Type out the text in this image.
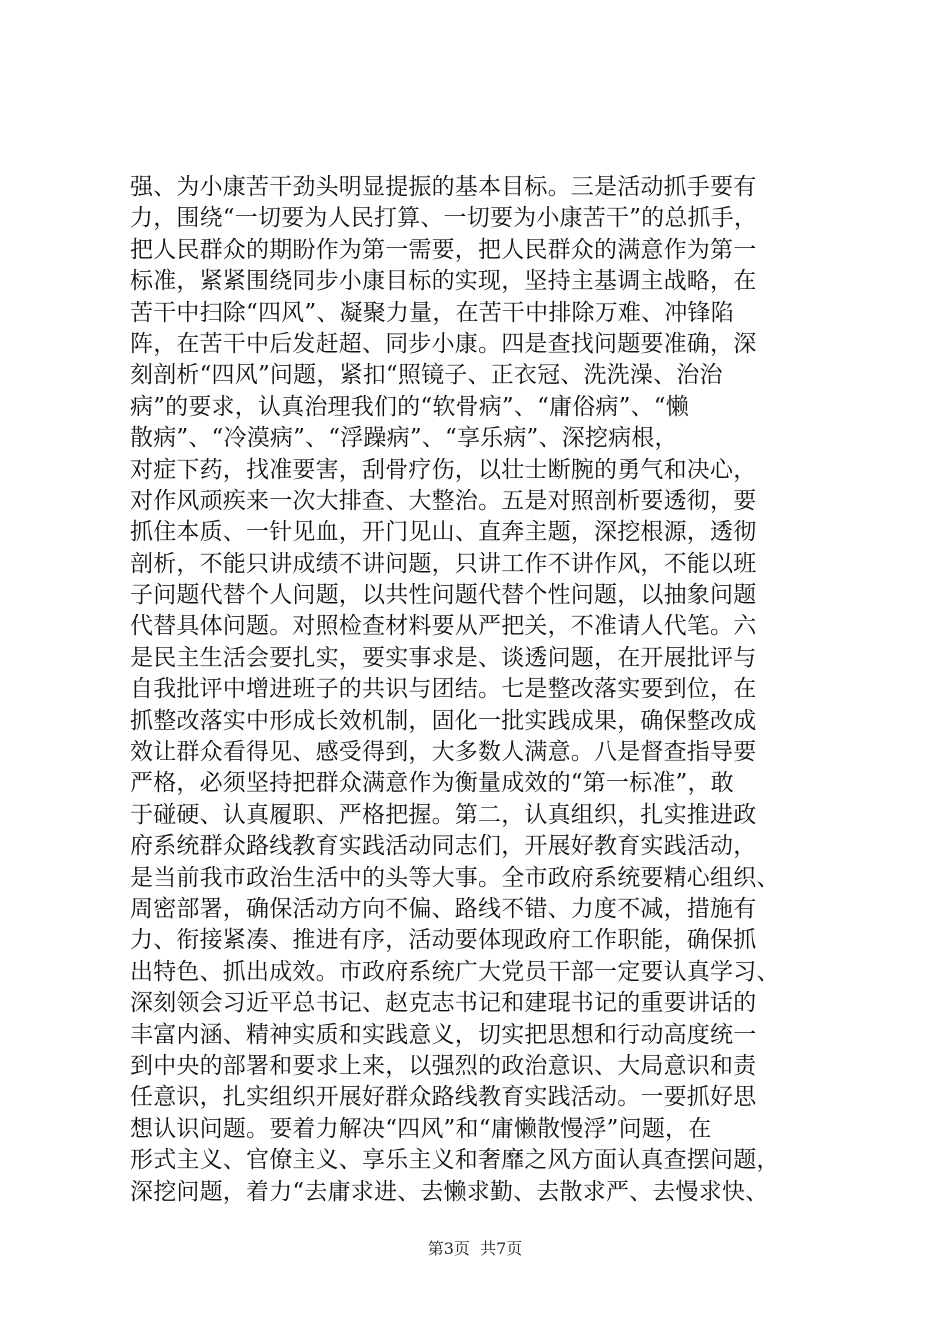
强、为小康苦干劲头明显提振的基本目标。三是活动抓手要有
力，围绕“一切要为人民打算、一切要为小康苦干”的总抓手，
把人民群众的期盼作为第一需要，把人民群众的满意作为第一
标准，紧紧围绕同步小康目标的实现，坚持主基调主战略，在
苦干中扫除“四风”、凝聚力量，在苦干中排除万难、冲锋陷
阵，在苦干中后发赶超、同步小康。四是查找问题要准确，深
刻剖析“四风”问题，紧扣“照镜子、正衣冠、洗洗澡、治治
病”的要求，认真治理我们的“软骨病”、“庸俗病”、“懒
散病”、“冷漠病”、“浮躁病”、“享乐病”、深挖病根，
对症下药，找准要害，刮骨疗伤，以壮士断腕的勇气和决心，
对作风顽疾来一次大排查、大整治。五是对照剖析要透彻，要
抓住本质、一针见血，开门见山、直奔主题，深挖根源，透彻
剖析，不能只讲成绩不讲问题，只讲工作不讲作风，不能以班
子问题代替个人问题，以共性问题代替个性问题，以抽象问题
代替具体问题。对照检查材料要从严把关，不准请人代笔。六
是民主生活会要扎实，要实事求是、谈透问题，在开展批评与
自我批评中增进班子的共识与团结。七是整改落实要到位，在
抓整改落实中形成长效机制，固化一批实践成果，确保整改成
效让群众看得见、感受得到，大多数人满意。八是督查指导要
严格，必须坚持把群众满意作为衡量成效的“第一标准”，敢
于碰硬、认真履职、严格把握。第二，认真组织，扎实推进政
府系统群众路线教育实践活动同志们，开展好教育实践活动，
是当前我市政治生活中的头等大事。全市政府系统要精心组织、
周密部署，确保活动方向不偏、路线不错、力度不减，措施有
力、衔接紧凑、推进有序，活动要体现政府工作职能，确保抓
出特色、抓出成效。市政府系统广大党员干部一定要认真学习、
深刻领会习近平总书记、赵克志书记和建琨书记的重要讲话的
丰富内涵、精神实质和实践意义，切实把思想和行动高度统一
到中央的部署和要求上来，以强烈的政治意识、大局意识和责
任意识，扎实组织开展好群众路线教育实践活动。一要抓好思
想认识问题。要着力解决“四风”和“庸懒散慢浮”问题，在
形式主义、官僚主义、享乐主义和奢靡之风方面认真查摆问题，
深挖问题，着力“去庸求进、去懒求勤、去散求严、去慢求快、
第3页  共7页
